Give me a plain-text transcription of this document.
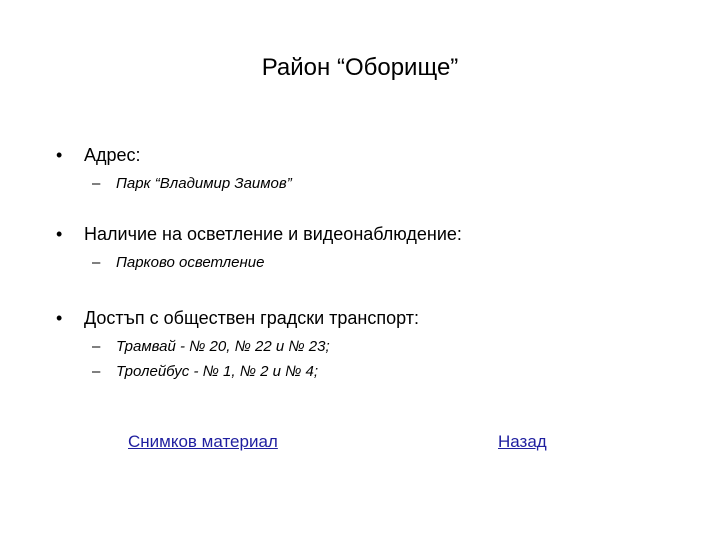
Район “Оборище”
• Адрес:
– Парк “Владимир Заимов”
• Наличие на осветление и видеонаблюдение:
– Парково осветление
• Достъп с обществен градски транспорт:
– Трамвай - № 20, № 22 и № 23;
– Тролейбус - № 1, № 2 и № 4;
Снимков материал	Назад
